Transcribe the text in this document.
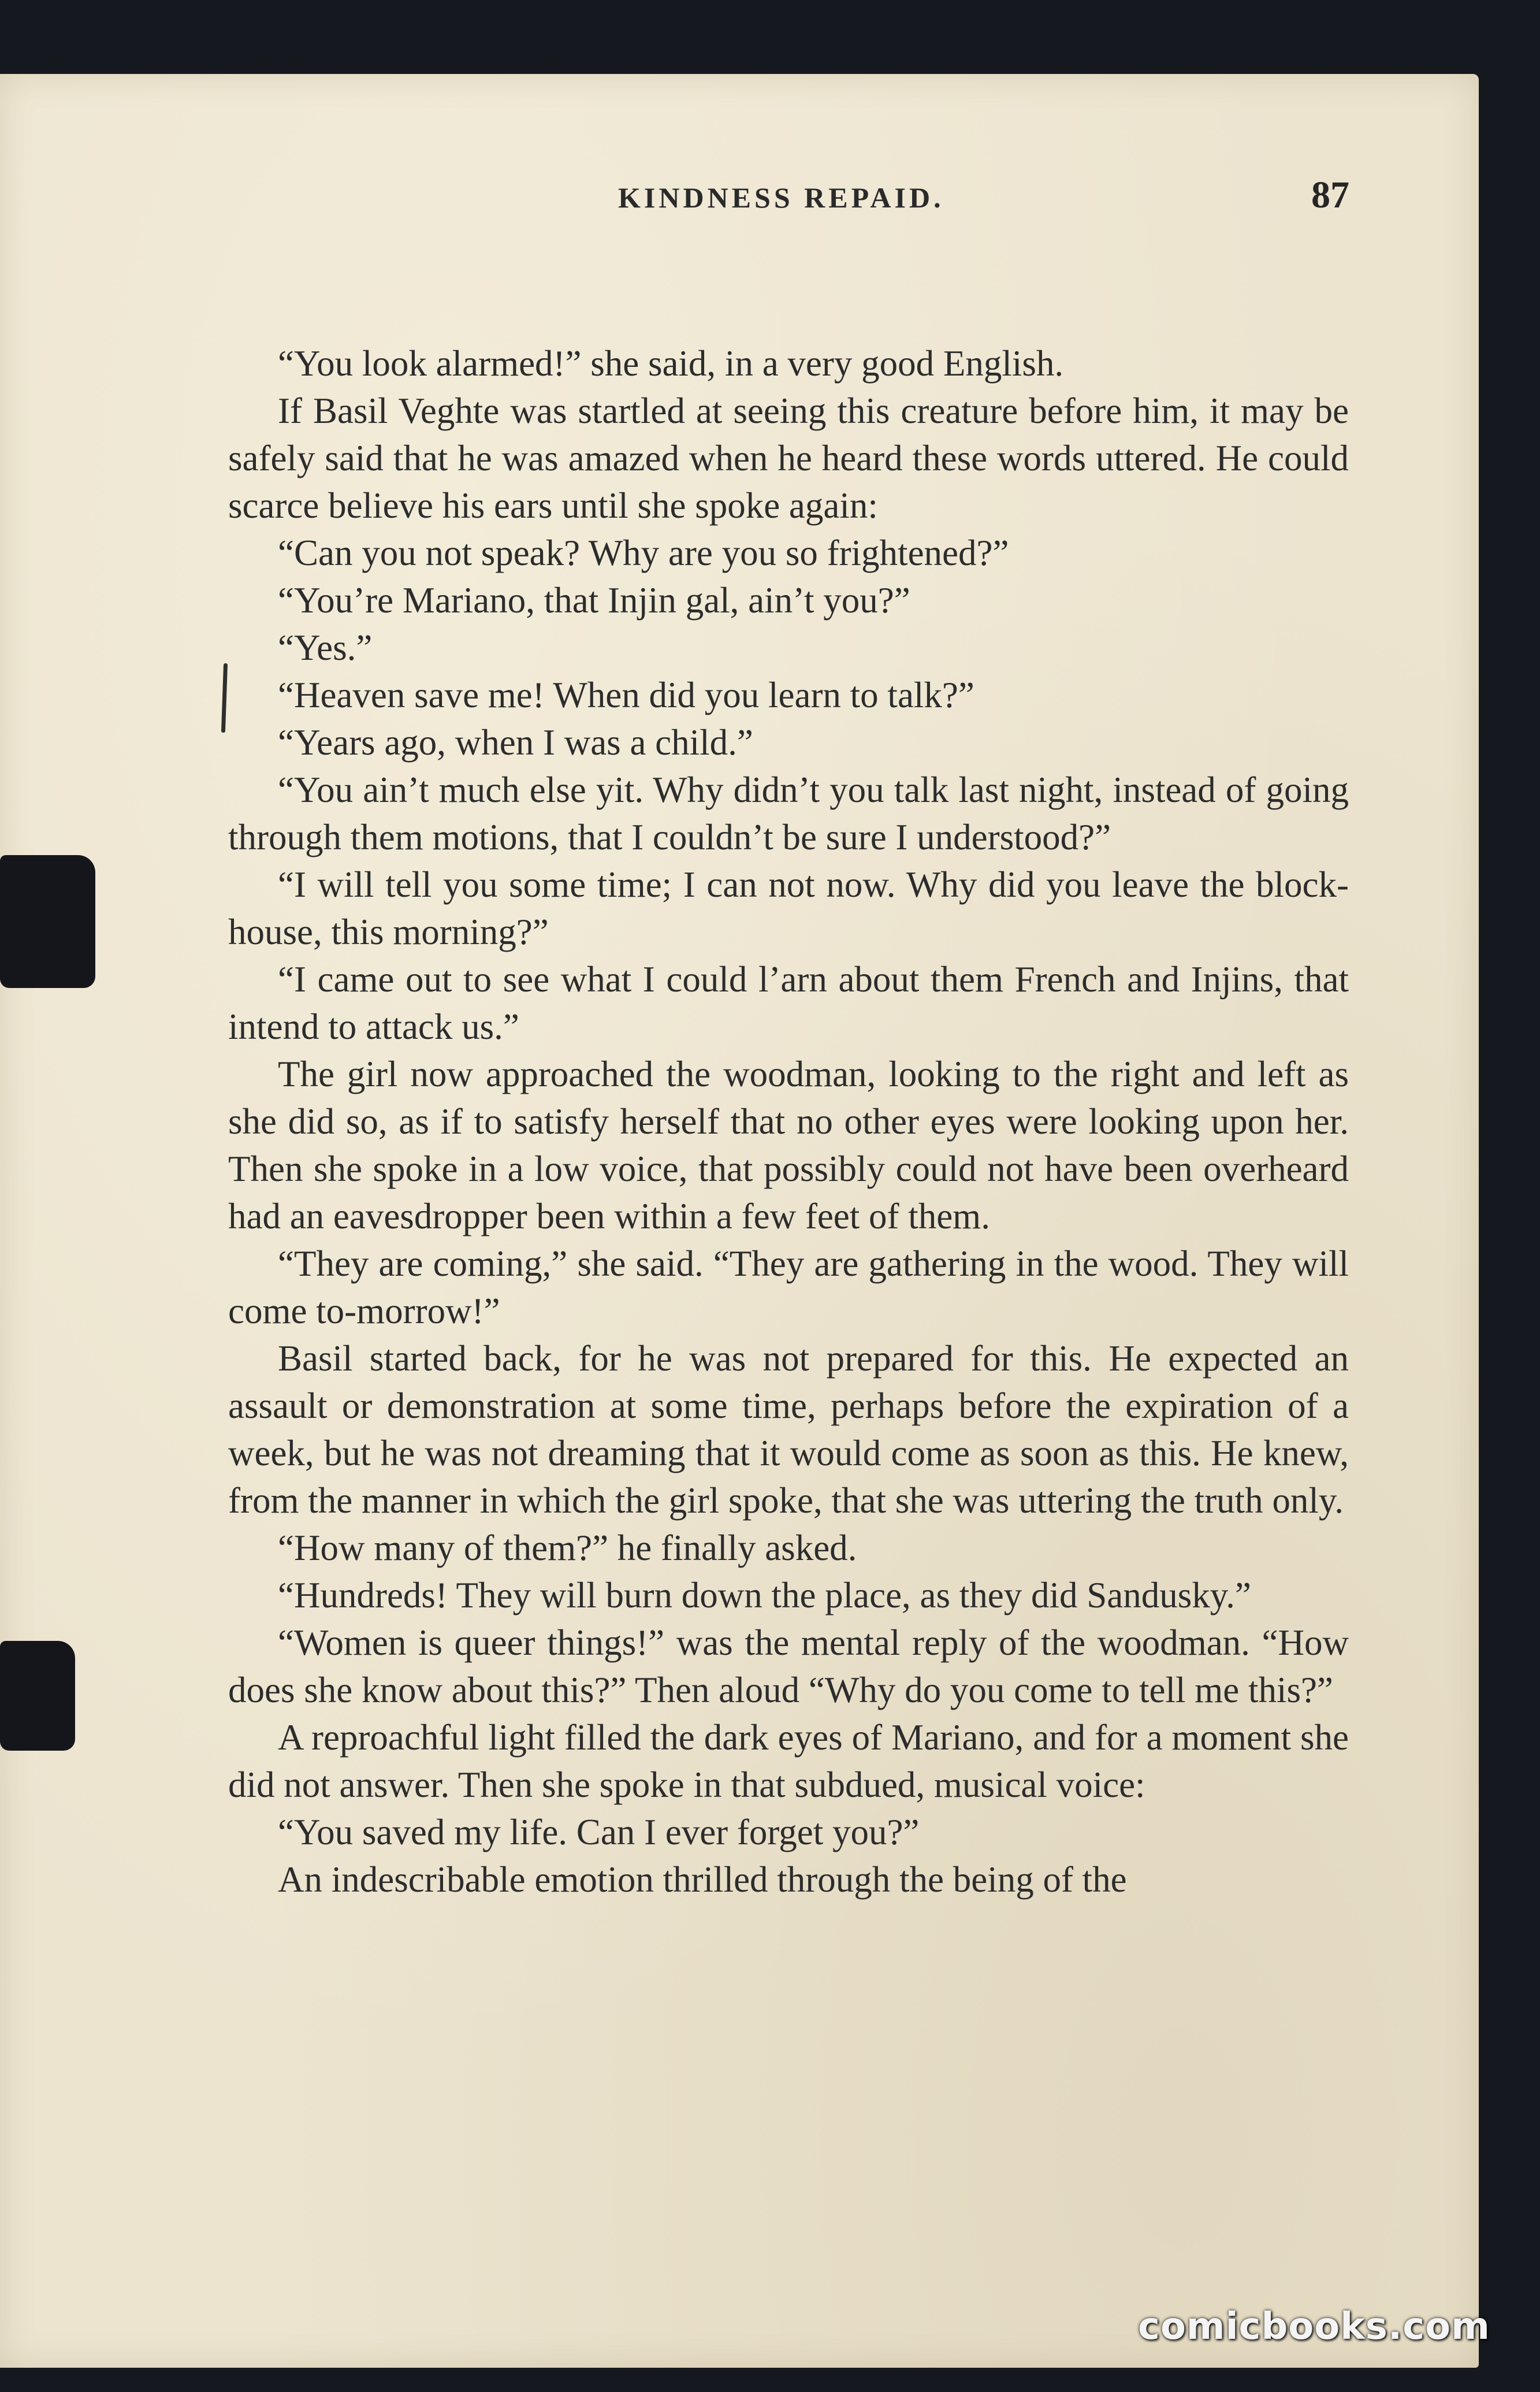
KINDNESS REPAID.	87

“You look alarmed!” she said, in a very good English.

If Basil Veghte was startled at seeing this creature before him, it may be safely said that he was amazed when he heard these words uttered. He could scarce believe his ears until she spoke again:

“Can you not speak? Why are you so frightened?”

“You’re Mariano, that Injin gal, ain’t you?”

“Yes.”

“Heaven save me! When did you learn to talk?”

“Years ago, when I was a child.”

“You ain’t much else yit. Why didn’t you talk last night, instead of going through them motions, that I couldn’t be sure I understood?”

“I will tell you some time; I can not now. Why did you leave the block-house, this morning?”

“I came out to see what I could l’arn about them French and Injins, that intend to attack us.”

The girl now approached the woodman, looking to the right and left as she did so, as if to satisfy herself that no other eyes were looking upon her. Then she spoke in a low voice, that possibly could not have been overheard had an eavesdropper been within a few feet of them.

“They are coming,” she said. “They are gathering in the wood. They will come to-morrow!”

Basil started back, for he was not prepared for this. He expected an assault or demonstration at some time, perhaps before the expiration of a week, but he was not dreaming that it would come as soon as this. He knew, from the manner in which the girl spoke, that she was uttering the truth only.

“How many of them?” he finally asked.

“Hundreds! They will burn down the place, as they did Sandusky.”

“Women is queer things!” was the mental reply of the woodman. “How does she know about this?” Then aloud “Why do you come to tell me this?”

A reproachful light filled the dark eyes of Mariano, and for a moment she did not answer. Then she spoke in that subdued, musical voice:

“You saved my life. Can I ever forget you?”

An indescribable emotion thrilled through the being of the

comicbooks.com
